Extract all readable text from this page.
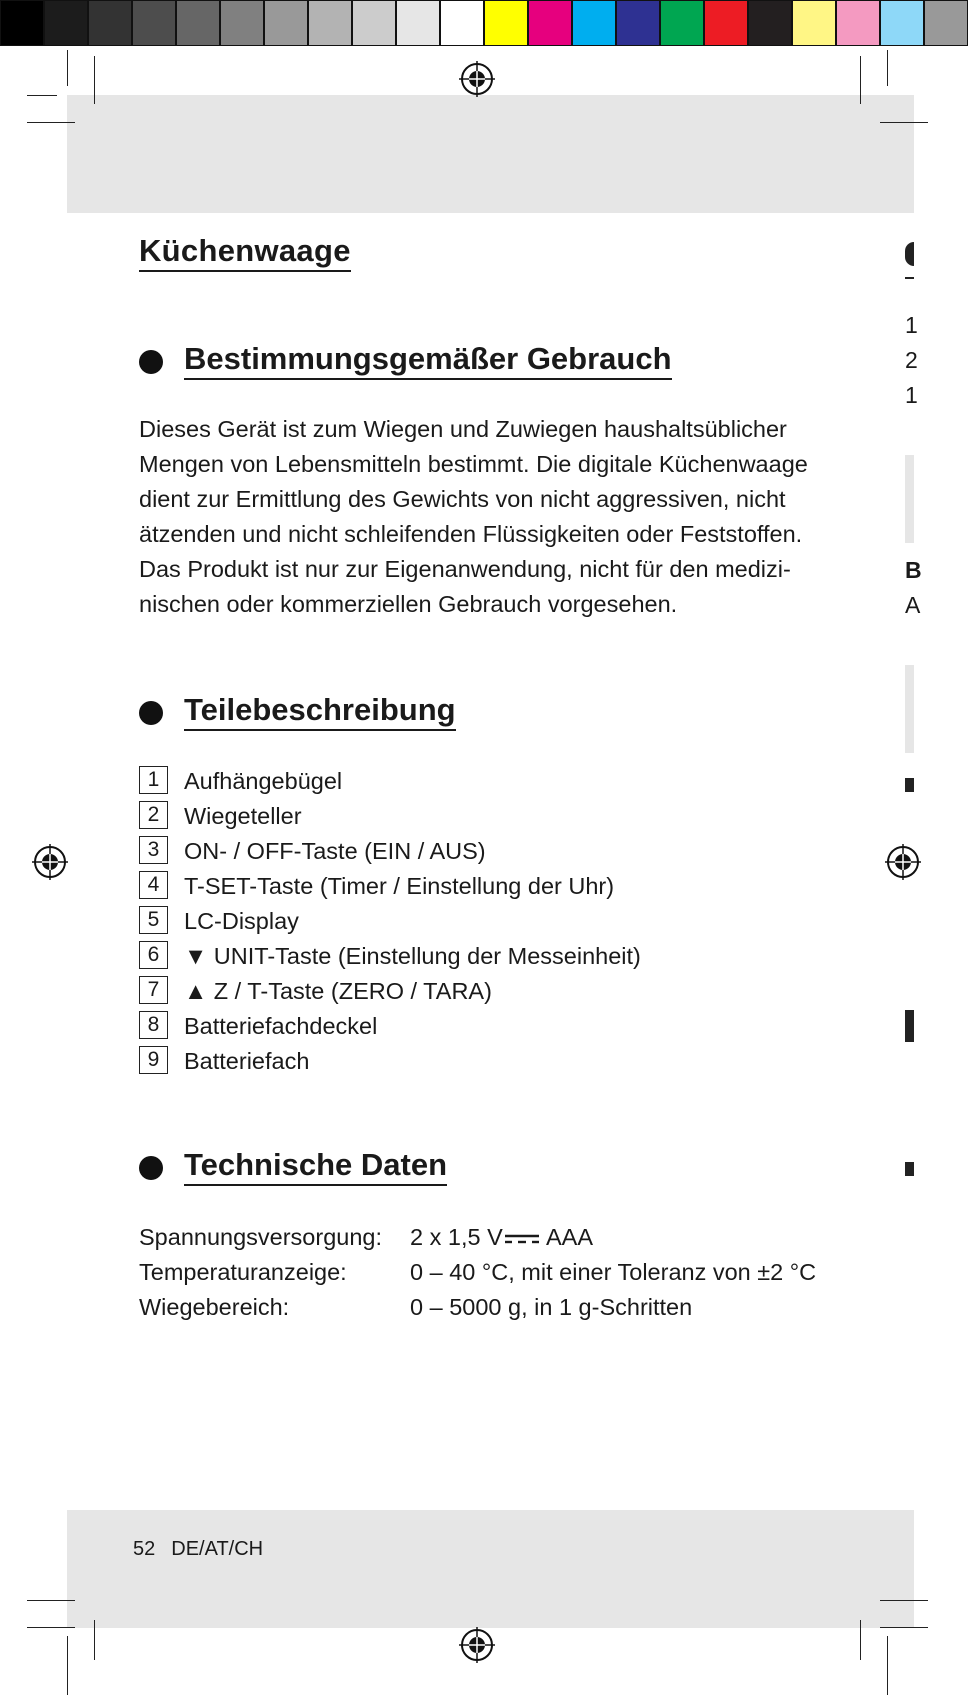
Küchenwaage
Bestimmungsgemäßer Gebrauch
Dieses Gerät ist zum Wiegen und Zuwiegen haushaltsüblicher
Mengen von Lebensmitteln bestimmt. Die digitale Küchenwaage
dient zur Ermittlung des Gewichts von nicht aggressiven, nicht
ätzenden und nicht schleifenden Flüssigkeiten oder Feststoffen.
Das Produkt ist nur zur Eigenanwendung, nicht für den medizi-
nischen oder kommerziellen Gebrauch vorgesehen.
Teilebeschreibung
1	Aufhängebügel
2	Wiegeteller
3	ON- / OFF-Taste (EIN / AUS)
4	T-SET-Taste (Timer / Einstellung der Uhr)
5	LC-Display
6	▼ UNIT-Taste (Einstellung der Messeinheit)
7	▲ Z / T-Taste (ZERO / TARA)
8	Batteriefachdeckel
9	Batteriefach
Technische Daten
Spannungsversorgung: 2 x 1,5 V AAA
Temperaturanzeige:	0 – 40 °C, mit einer Toleranz von ±2 °C
Wiegebereich:	0 – 5000 g, in 1 g-Schritten
52 DE/AT/CH
1
2
1
B
A
